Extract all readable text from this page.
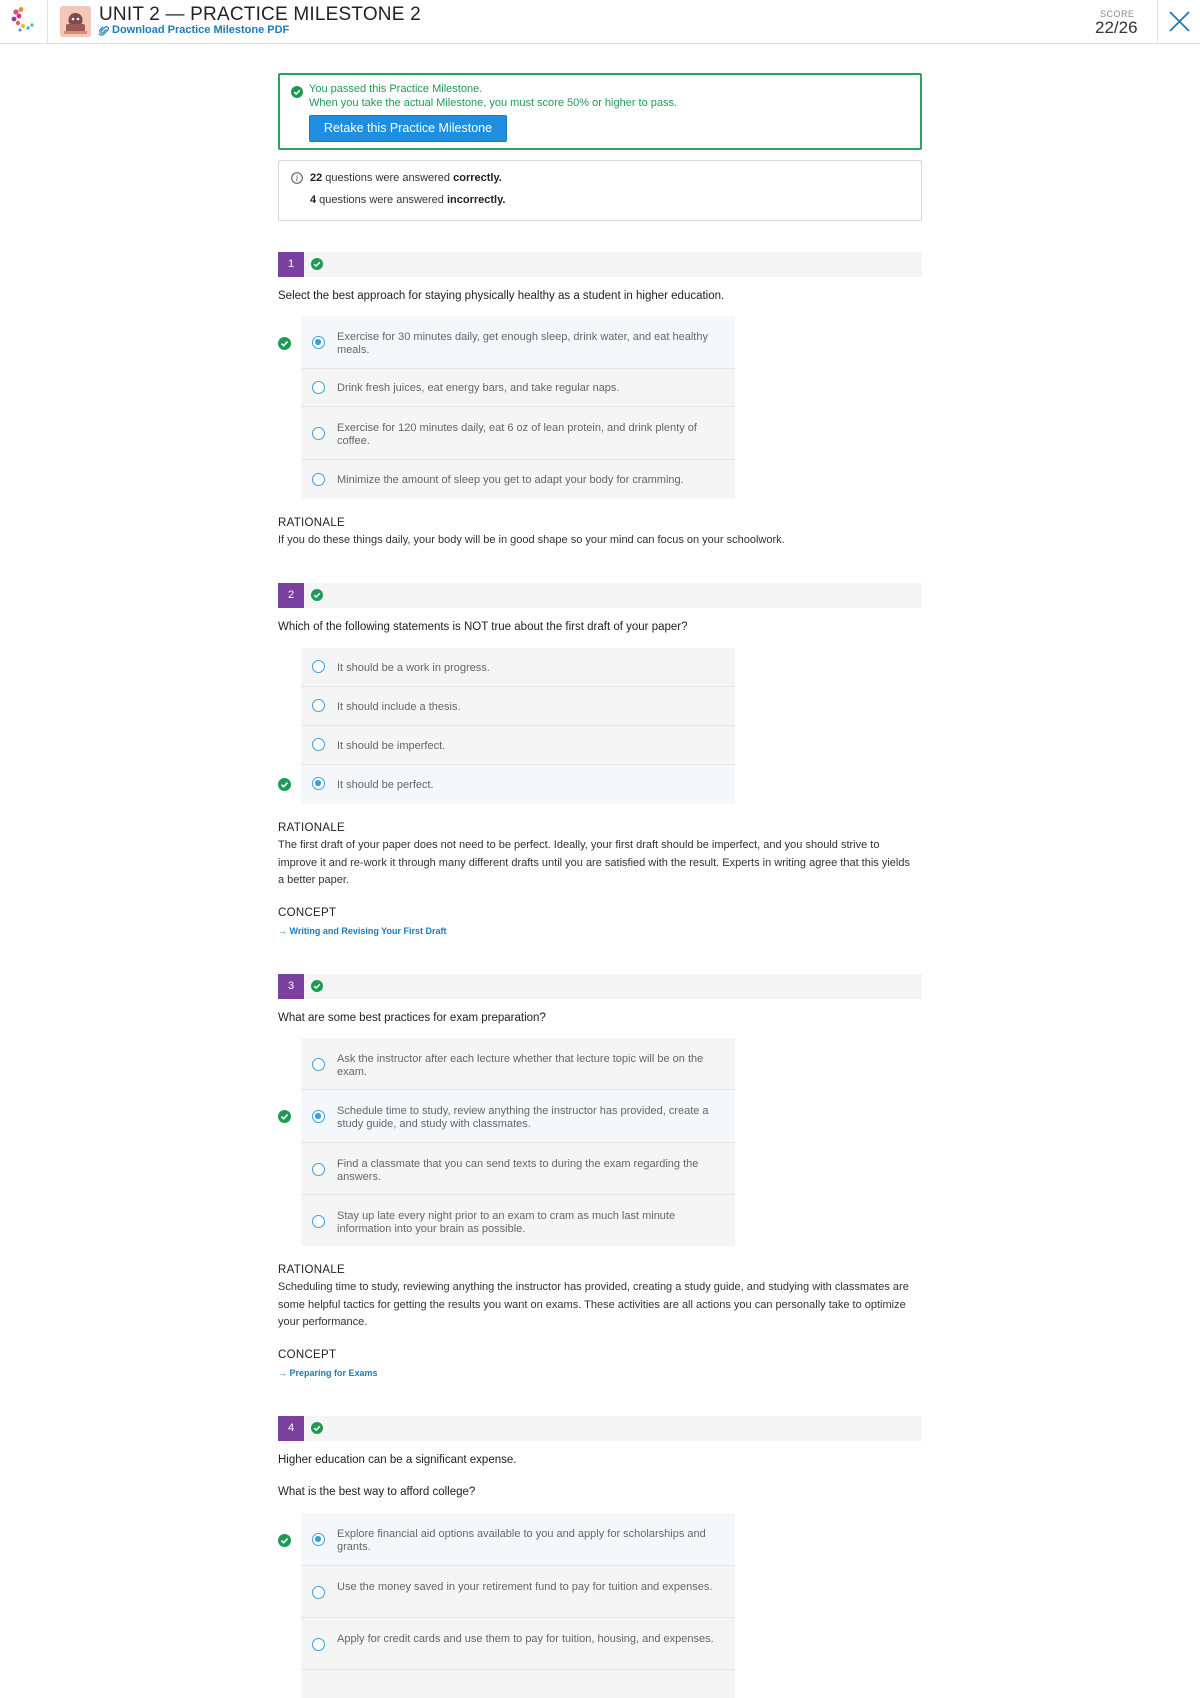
UNIT 2 — PRACTICE MILESTONE 2
Download Practice Milestone PDF
SCORE
22/26
You passed this Practice Milestone.
When you take the actual Milestone, you must score 50% or higher to pass.
Retake this Practice Milestone
i 22 questions were answered correctly.
4 questions were answered incorrectly.
1
Select the best approach for staying physically healthy as a student in higher education.
Exercise for 30 minutes daily, get enough sleep, drink water, and eat healthy meals.
Drink fresh juices, eat energy bars, and take regular naps.
Exercise for 120 minutes daily, eat 6 oz of lean protein, and drink plenty of coffee.
Minimize the amount of sleep you get to adapt your body for cramming.
RATIONALE
If you do these things daily, your body will be in good shape so your mind can focus on your schoolwork.
2
Which of the following statements is NOT true about the first draft of your paper?
It should be a work in progress.
It should include a thesis.
It should be imperfect.
It should be perfect.
RATIONALE
The first draft of your paper does not need to be perfect. Ideally, your first draft should be imperfect, and you should strive to improve it and re-work it through many different drafts until you are satisfied with the result. Experts in writing agree that this yields a better paper.
CONCEPT
→ Writing and Revising Your First Draft
3
What are some best practices for exam preparation?
Ask the instructor after each lecture whether that lecture topic will be on the exam.
Schedule time to study, review anything the instructor has provided, create a study guide, and study with classmates.
Find a classmate that you can send texts to during the exam regarding the answers.
Stay up late every night prior to an exam to cram as much last minute information into your brain as possible.
RATIONALE
Scheduling time to study, reviewing anything the instructor has provided, creating a study guide, and studying with classmates are some helpful tactics for getting the results you want on exams. These activities are all actions you can personally take to optimize your performance.
CONCEPT
→ Preparing for Exams
4
Higher education can be a significant expense.
What is the best way to afford college?
Explore financial aid options available to you and apply for scholarships and grants.
Use the money saved in your retirement fund to pay for tuition and expenses.
Apply for credit cards and use them to pay for tuition, housing, and expenses.
